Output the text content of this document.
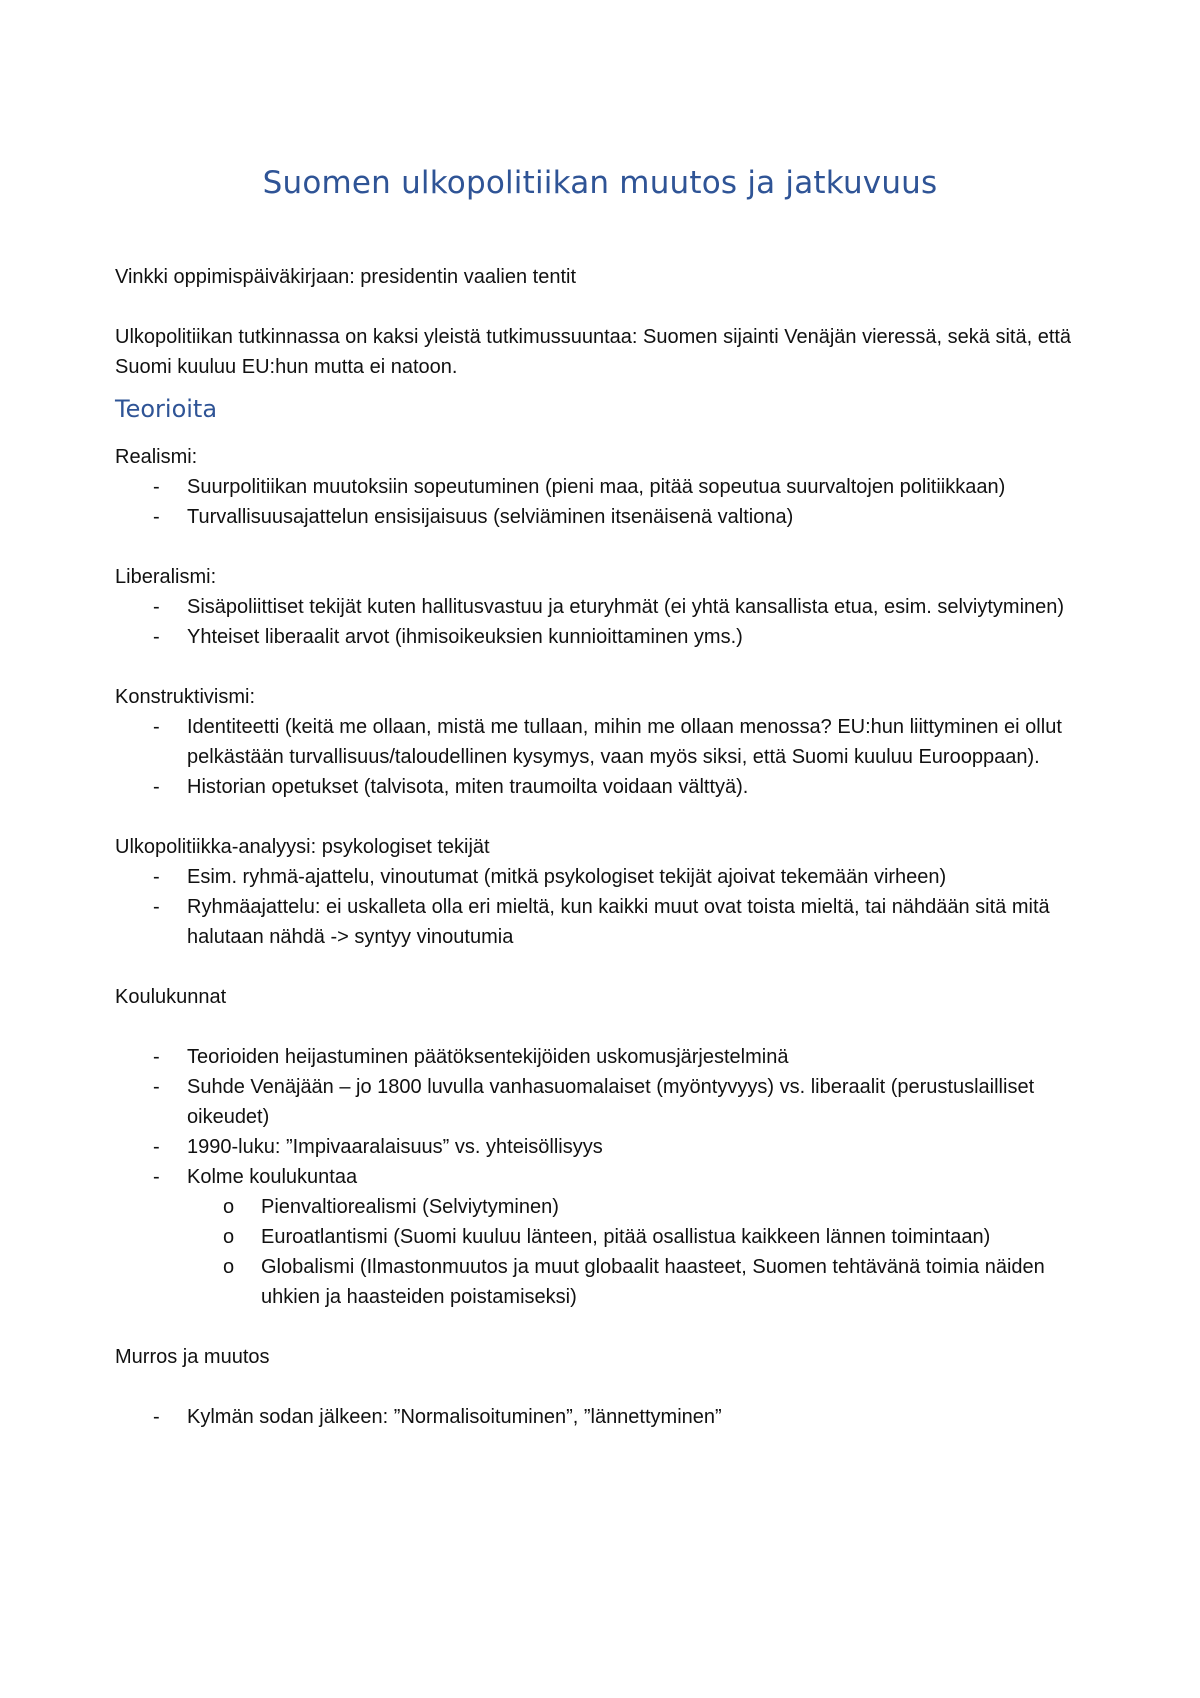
Suomen ulkopolitiikan muutos ja jatkuvuus

Vinkki oppimispäiväkirjaan: presidentin vaalien tentit

Ulkopolitiikan tutkinnassa on kaksi yleistä tutkimussuuntaa: Suomen sijainti Venäjän vieressä, sekä sitä, että Suomi kuuluu EU:hun mutta ei natoon.

Teorioita

Realismi:

- Suurpolitiikan muutoksiin sopeutuminen (pieni maa, pitää sopeutua suurvaltojen politiikkaan)
- Turvallisuusajattelun ensisijaisuus (selviäminen itsenäisenä valtiona)

Liberalismi:

- Sisäpoliittiset tekijät kuten hallitusvastuu ja eturyhmät (ei yhtä kansallista etua, esim. selviytyminen)
- Yhteiset liberaalit arvot (ihmisoikeuksien kunnioittaminen yms.)

Konstruktivismi:

- Identiteetti (keitä me ollaan, mistä me tullaan, mihin me ollaan menossa? EU:hun liittyminen ei ollut pelkästään turvallisuus/taloudellinen kysymys, vaan myös siksi, että Suomi kuuluu Eurooppaan).
- Historian opetukset (talvisota, miten traumoilta voidaan välttyä).

Ulkopolitiikka-analyysi: psykologiset tekijät

- Esim. ryhmä-ajattelu, vinoutumat (mitkä psykologiset tekijät ajoivat tekemään virheen)
- Ryhmäajattelu: ei uskalleta olla eri mieltä, kun kaikki muut ovat toista mieltä, tai nähdään sitä mitä halutaan nähdä -> syntyy vinoutumia

Koulukunnat

- Teorioiden heijastuminen päätöksentekijöiden uskomusjärjestelminä
- Suhde Venäjään – jo 1800 luvulla vanhasuomalaiset (myöntyvyys) vs. liberaalit (perustuslailliset oikeudet)
- 1990-luku: ”Impivaaralaisuus” vs. yhteisöllisyys
- Kolme koulukuntaa
o Pienvaltiorealismi (Selviytyminen)
o Euroatlantismi (Suomi kuuluu länteen, pitää osallistua kaikkeen lännen toimintaan)
o Globalismi (Ilmastonmuutos ja muut globaalit haasteet, Suomen tehtävänä toimia näiden uhkien ja haasteiden poistamiseksi)

Murros ja muutos

- Kylmän sodan jälkeen: ”Normalisoituminen”, ”lännettyminen”
